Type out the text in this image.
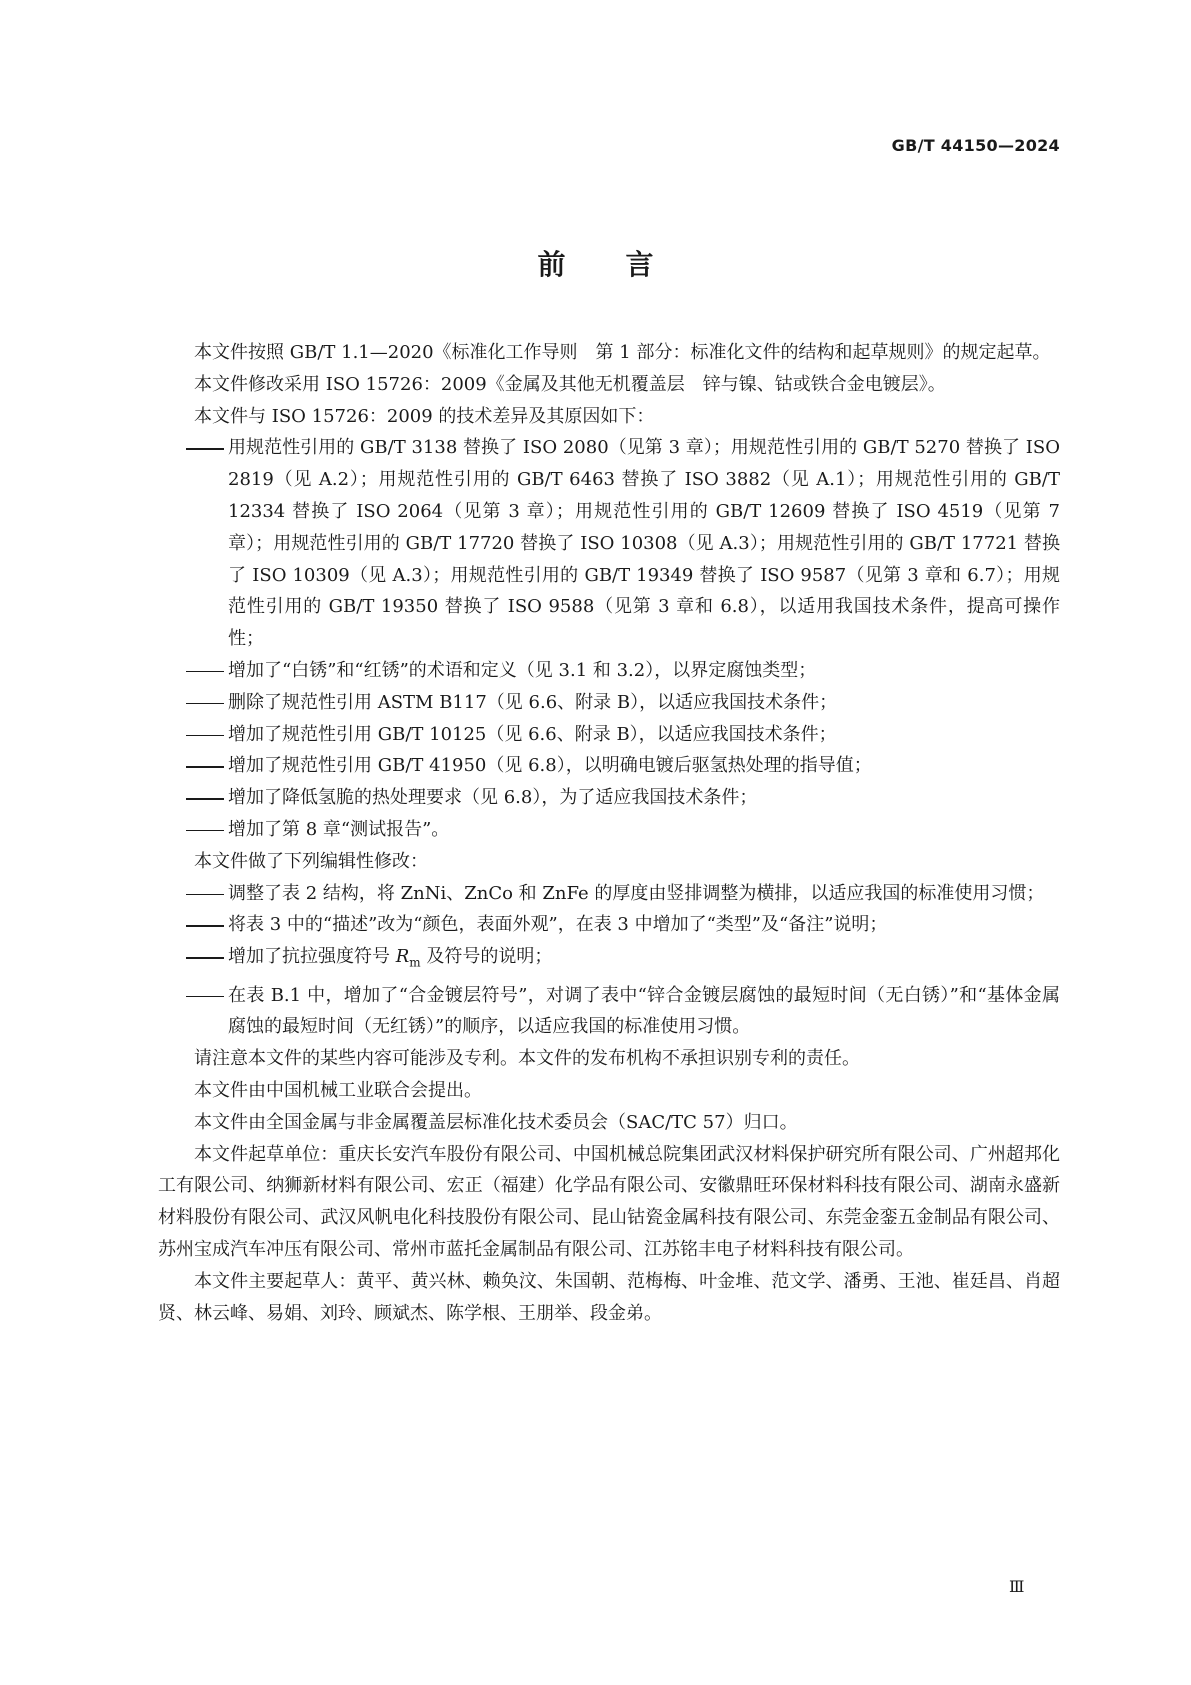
GB/T 44150—2024
前言

本文件按照 GB/T 1.1—2020《标准化工作导则　第 1 部分：标准化文件的结构和起草规则》的规定起草。

本文件修改采用 ISO 15726：2009《金属及其他无机覆盖层　锌与镍、钴或铁合金电镀层》。

本文件与 ISO 15726：2009 的技术差异及其原因如下：

用规范性引用的 GB/T 3138 替换了 ISO 2080（见第 3 章）；用规范性引用的 GB/T 5270 替换了 ISO 2819（见 A.2）；用规范性引用的 GB/T 6463 替换了 ISO 3882（见 A.1）；用规范性引用的 GB/T 12334 替换了 ISO 2064（见第 3 章）；用规范性引用的 GB/T 12609 替换了 ISO 4519（见第 7 章）；用规范性引用的 GB/T 17720 替换了 ISO 10308（见 A.3）；用规范性引用的 GB/T 17721 替换了 ISO 10309（见 A.3）；用规范性引用的 GB/T 19349 替换了 ISO 9587（见第 3 章和 6.7）；用规范性引用的 GB/T 19350 替换了 ISO 9588（见第 3 章和 6.8），以适用我国技术条件，提高可操作性；
增加了“白锈”和“红锈”的术语和定义（见 3.1 和 3.2），以界定腐蚀类型；
删除了规范性引用 ASTM B117（见 6.6、附录 B），以适应我国技术条件；
增加了规范性引用 GB/T 10125（见 6.6、附录 B），以适应我国技术条件；
增加了规范性引用 GB/T 41950（见 6.8），以明确电镀后驱氢热处理的指导值；
增加了降低氢脆的热处理要求（见 6.8），为了适应我国技术条件；
增加了第 8 章“测试报告”。

本文件做了下列编辑性修改：

调整了表 2 结构，将 ZnNi、ZnCo 和 ZnFe 的厚度由竖排调整为横排，以适应我国的标准使用习惯；
将表 3 中的“描述”改为“颜色，表面外观”，在表 3 中增加了“类型”及“备注”说明；
增加了抗拉强度符号 $R_m$ 及符号的说明；
在表 B.1 中，增加了“合金镀层符号”，对调了表中“锌合金镀层腐蚀的最短时间（无白锈）”和“基体金属腐蚀的最短时间（无红锈）”的顺序，以适应我国的标准使用习惯。

请注意本文件的某些内容可能涉及专利。本文件的发布机构不承担识别专利的责任。

本文件由中国机械工业联合会提出。

本文件由全国金属与非金属覆盖层标准化技术委员会（SAC/TC 57）归口。

本文件起草单位：重庆长安汽车股份有限公司、中国机械总院集团武汉材料保护研究所有限公司、广州超邦化工有限公司、纳狮新材料有限公司、宏正（福建）化学品有限公司、安徽鼎旺环保材料科技有限公司、湖南永盛新材料股份有限公司、武汉风帆电化科技股份有限公司、昆山钴瓷金属科技有限公司、东莞金銮五金制品有限公司、苏州宝成汽车冲压有限公司、常州市蓝托金属制品有限公司、江苏铭丰电子材料科技有限公司。

本文件主要起草人：黄平、黄兴林、赖奂汶、朱国朝、范梅梅、叶金堆、范文学、潘勇、王池、崔廷昌、肖超贤、林云峰、易娟、刘玲、顾斌杰、陈学根、王朋举、段金弟。

Ⅲ
